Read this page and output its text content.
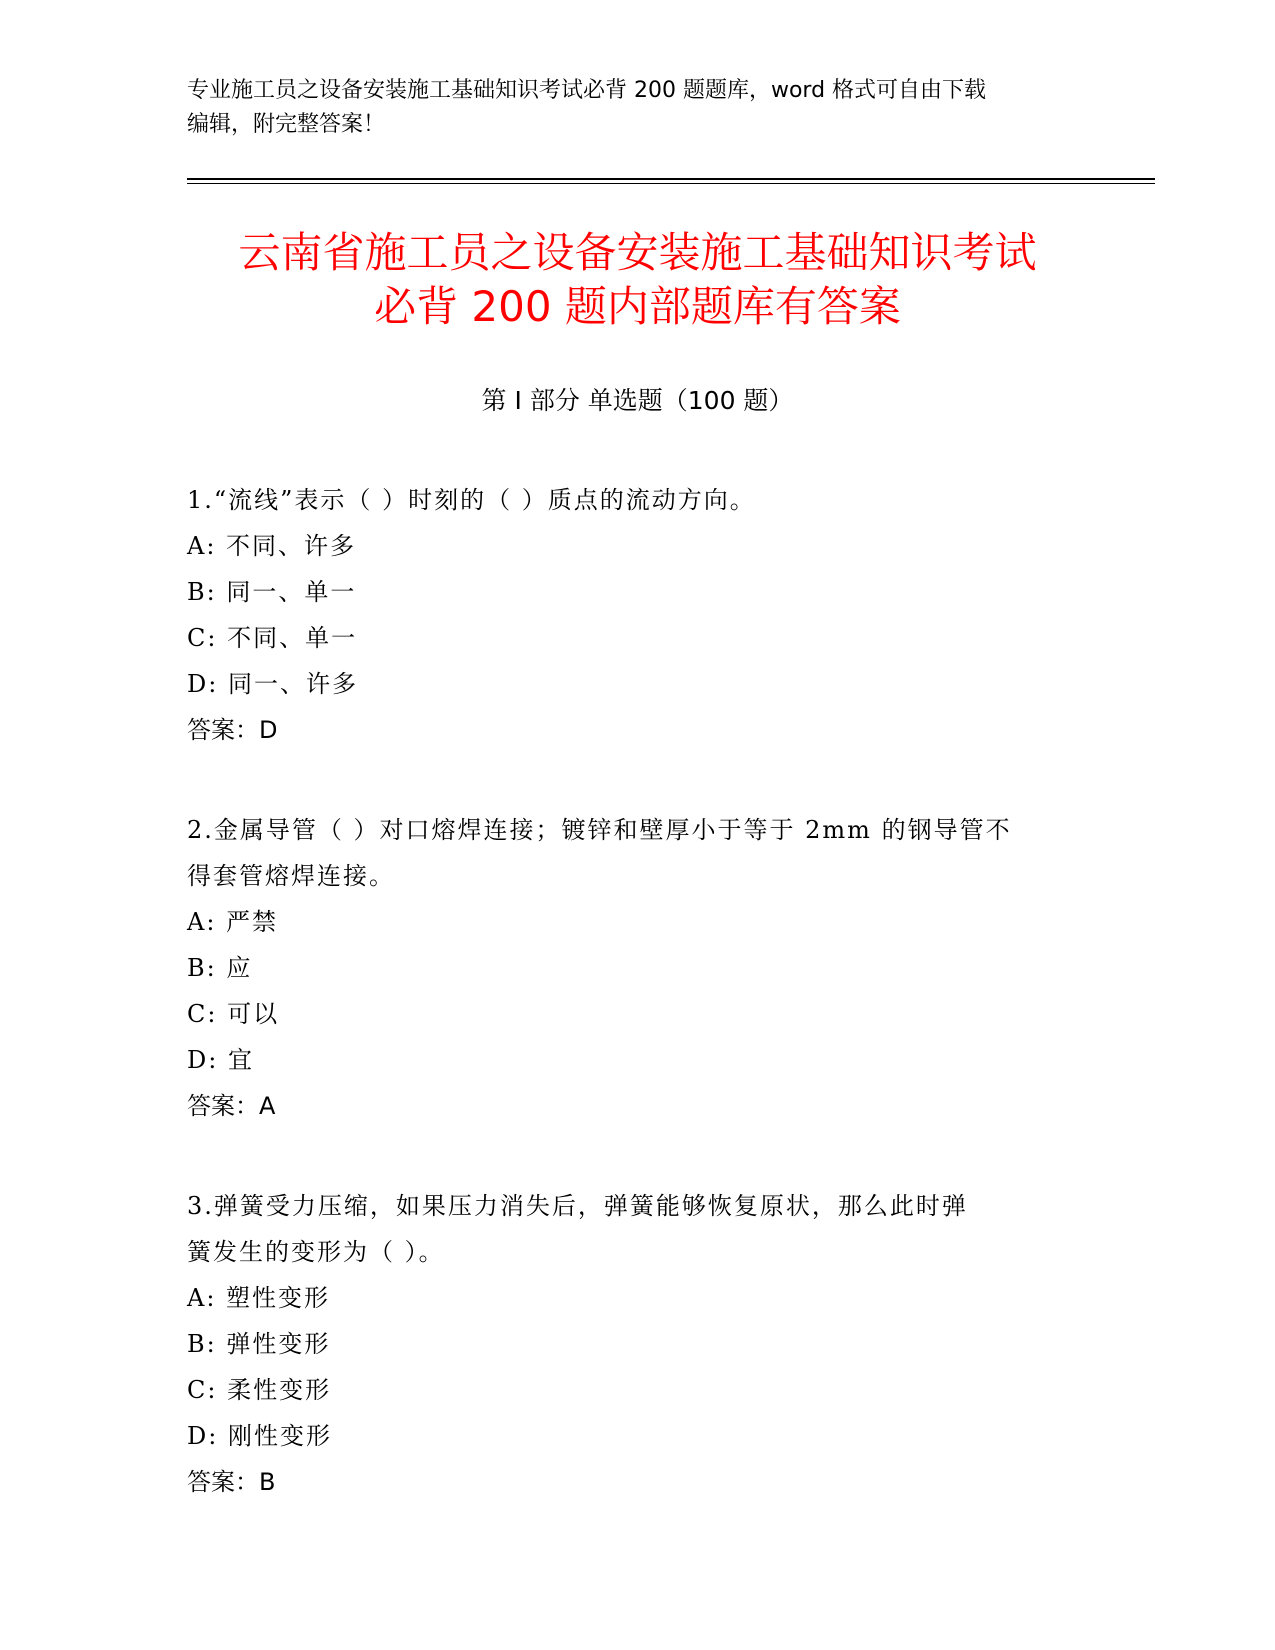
专业施工员之设备安装施工基础知识考试必背 200 题题库，word 格式可自由下载
编辑，附完整答案！
云南省施工员之设备安装施工基础知识考试
必背 200 题内部题库有答案
第 I 部分 单选题（100 题）
1.“流线”表示（ ）时刻的（ ）质点的流动方向。
A: 不同、许多
B: 同一、单一
C: 不同、单一
D: 同一、许多
答案：D
2.金属导管（ ）对口熔焊连接；镀锌和壁厚小于等于 2mm 的钢导管不
得套管熔焊连接。
A: 严禁
B: 应
C: 可以
D: 宜
答案：A
3.弹簧受力压缩，如果压力消失后，弹簧能够恢复原状，那么此时弹
簧发生的变形为（ ）。
A: 塑性变形
B: 弹性变形
C: 柔性变形
D: 刚性变形
答案：B
